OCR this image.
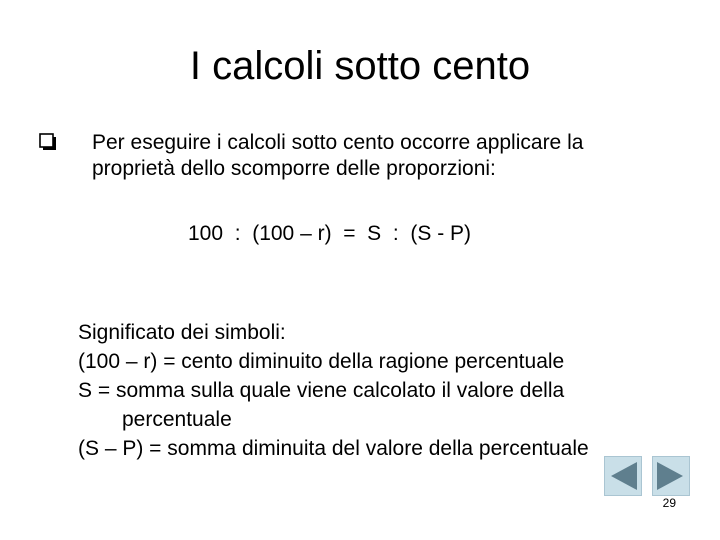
I calcoli sotto cento
Per eseguire i calcoli sotto cento occorre applicare la
proprietà dello scomporre delle proporzioni:
100  :  (100 – r)  =  S  :  (S - P)
Significato dei simboli:
(100 – r) = cento diminuito della ragione percentuale
S = somma sulla quale viene calcolato il valore della
percentuale
(S – P) = somma diminuita del valore della percentuale
29
